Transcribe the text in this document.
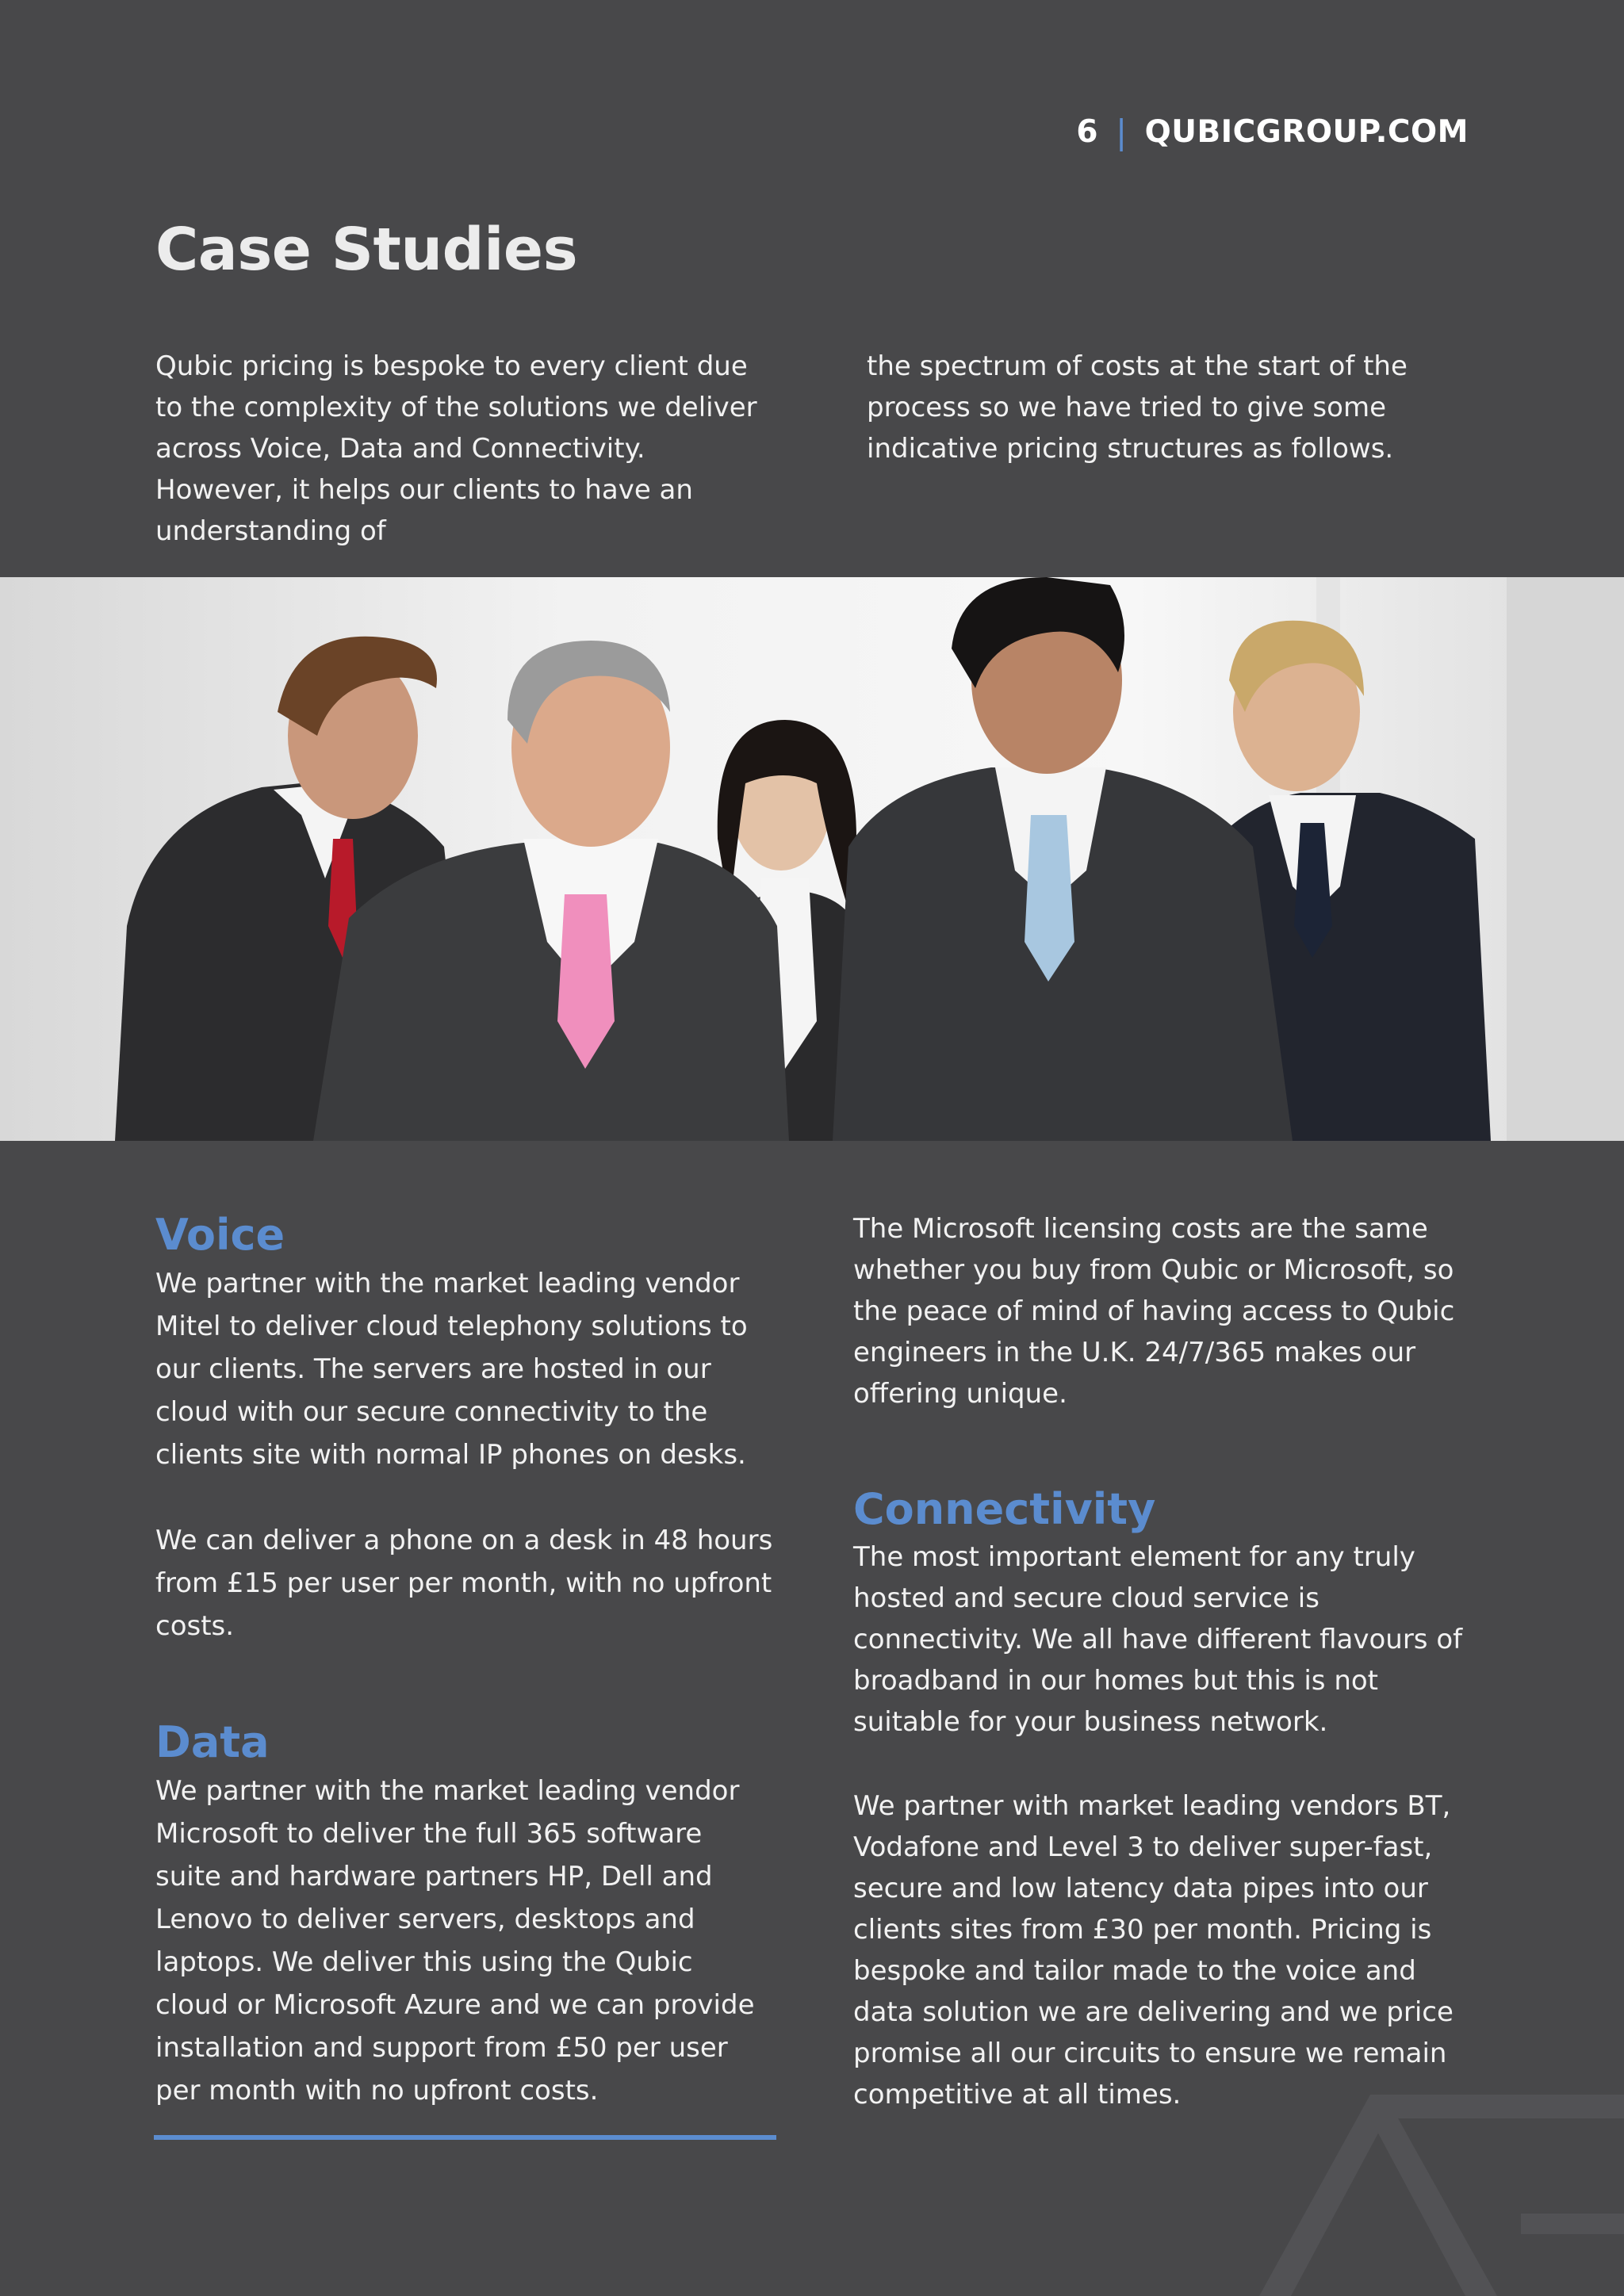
6 | QUBICGROUP.COM
Case Studies

Qubic pricing is bespoke to every client due to the complexity of the solutions we deliver across Voice, Data and Connectivity. However, it helps our clients to have an understanding of

the spectrum of costs at the start of the process so we have tried to give some indicative pricing structures as follows.

Voice

We partner with the market leading vendor Mitel to deliver cloud telephony solutions to our clients. The servers are hosted in our cloud with our secure connectivity to the clients site with normal IP phones on desks.

We can deliver a phone on a desk in 48 hours from £15 per user per month, with no upfront costs.

Data

We partner with the market leading vendor Microsoft to deliver the full 365 software suite and hardware partners HP, Dell and Lenovo to deliver servers, desktops and laptops. We deliver this using the Qubic cloud or Microsoft Azure and we can provide installation and support from £50 per user per month with no upfront costs.

The Microsoft licensing costs are the same whether you buy from Qubic or Microsoft, so the peace of mind of having access to Qubic engineers in the U.K. 24/7/365 makes our offering unique.

Connectivity

The most important element for any truly hosted and secure cloud service is connectivity. We all have different flavours of broadband in our homes but this is not suitable for your business network.

We partner with market leading vendors BT, Vodafone and Level 3 to deliver super-fast, secure and low latency data pipes into our clients sites from £30 per month. Pricing is bespoke and tailor made to the voice and data solution we are delivering and we price promise all our circuits to ensure we remain competitive at all times.
